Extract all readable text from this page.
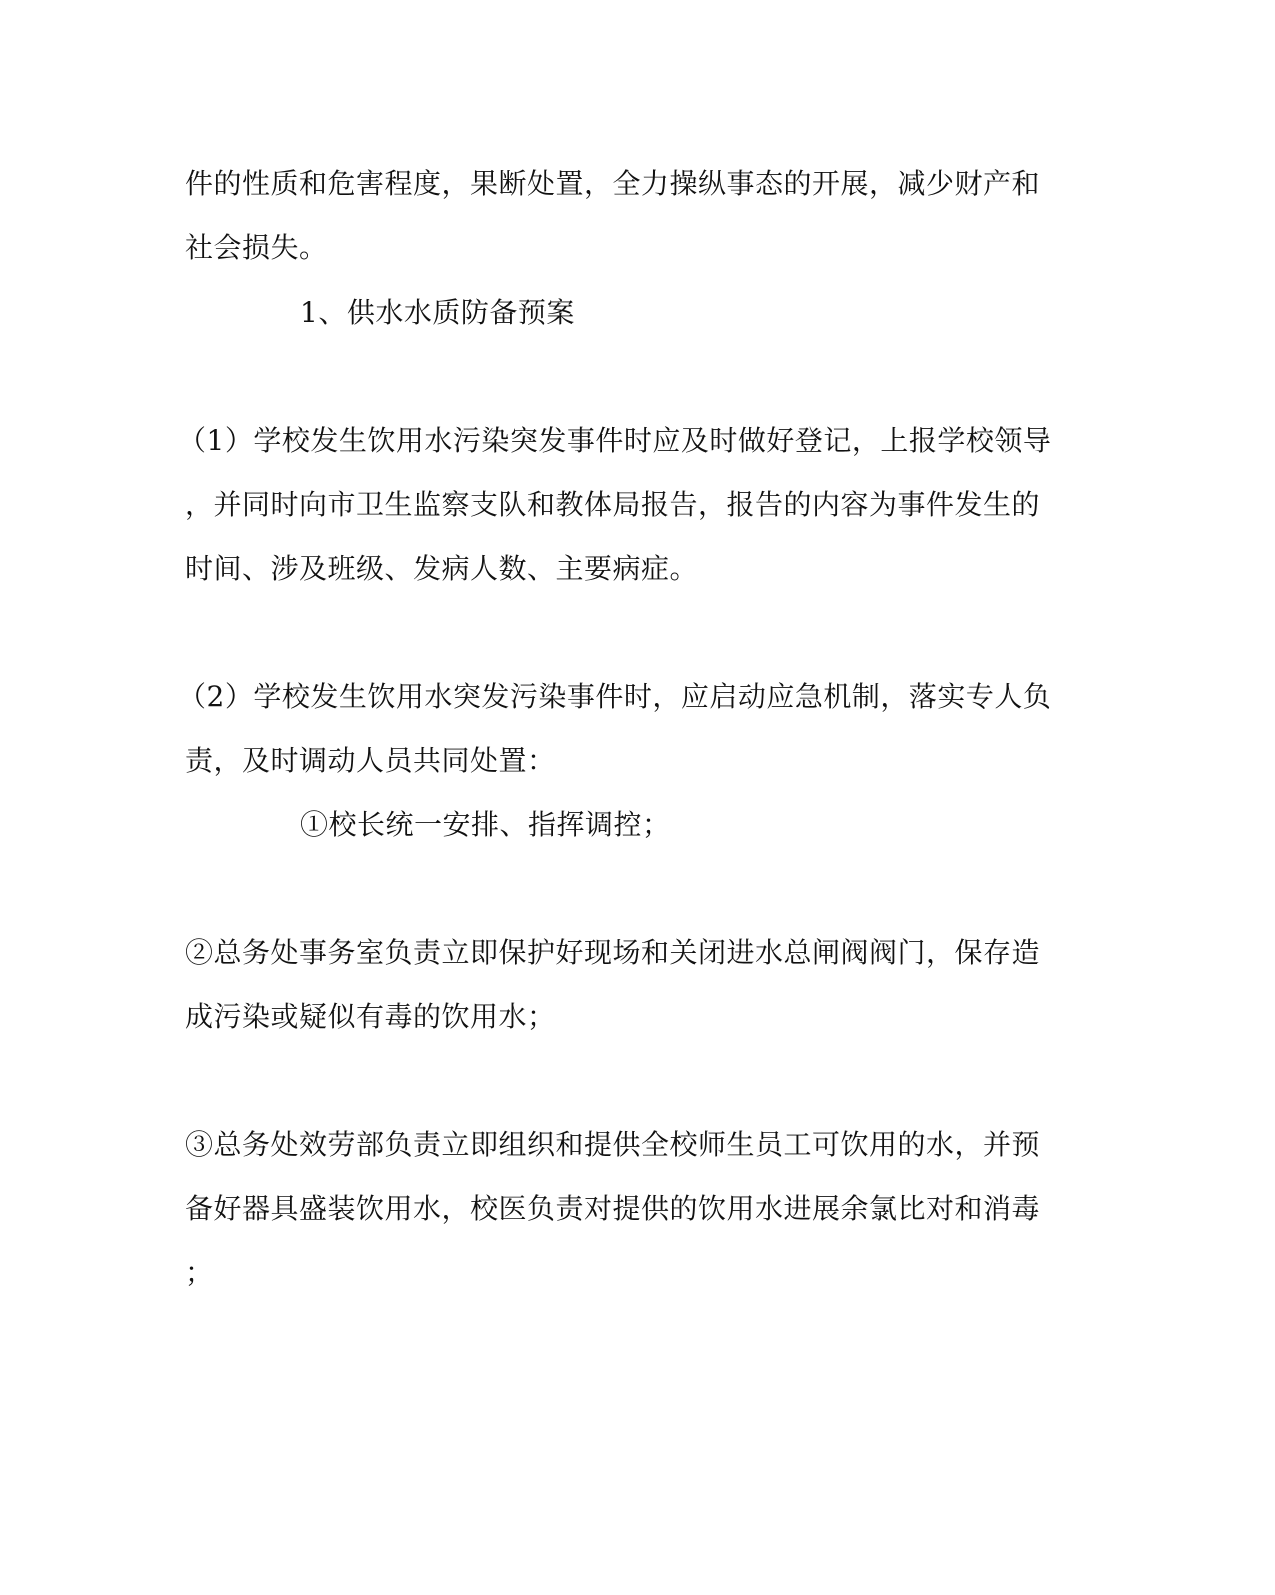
件的性质和危害程度，果断处置，全力操纵事态的开展，减少财产和

社会损失。

1、供水水质防备预案

（1）学校发生饮用水污染突发事件时应及时做好登记，上报学校领导

，并同时向市卫生监察支队和教体局报告，报告的内容为事件发生的

时间、涉及班级、发病人数、主要病症。

（2）学校发生饮用水突发污染事件时，应启动应急机制，落实专人负

责，及时调动人员共同处置：

①校长统一安排、指挥调控；

②总务处事务室负责立即保护好现场和关闭进水总闸阀阀门，保存造

成污染或疑似有毒的饮用水；

③总务处效劳部负责立即组织和提供全校师生员工可饮用的水，并预

备好器具盛装饮用水，校医负责对提供的饮用水进展余氯比对和消毒

；
